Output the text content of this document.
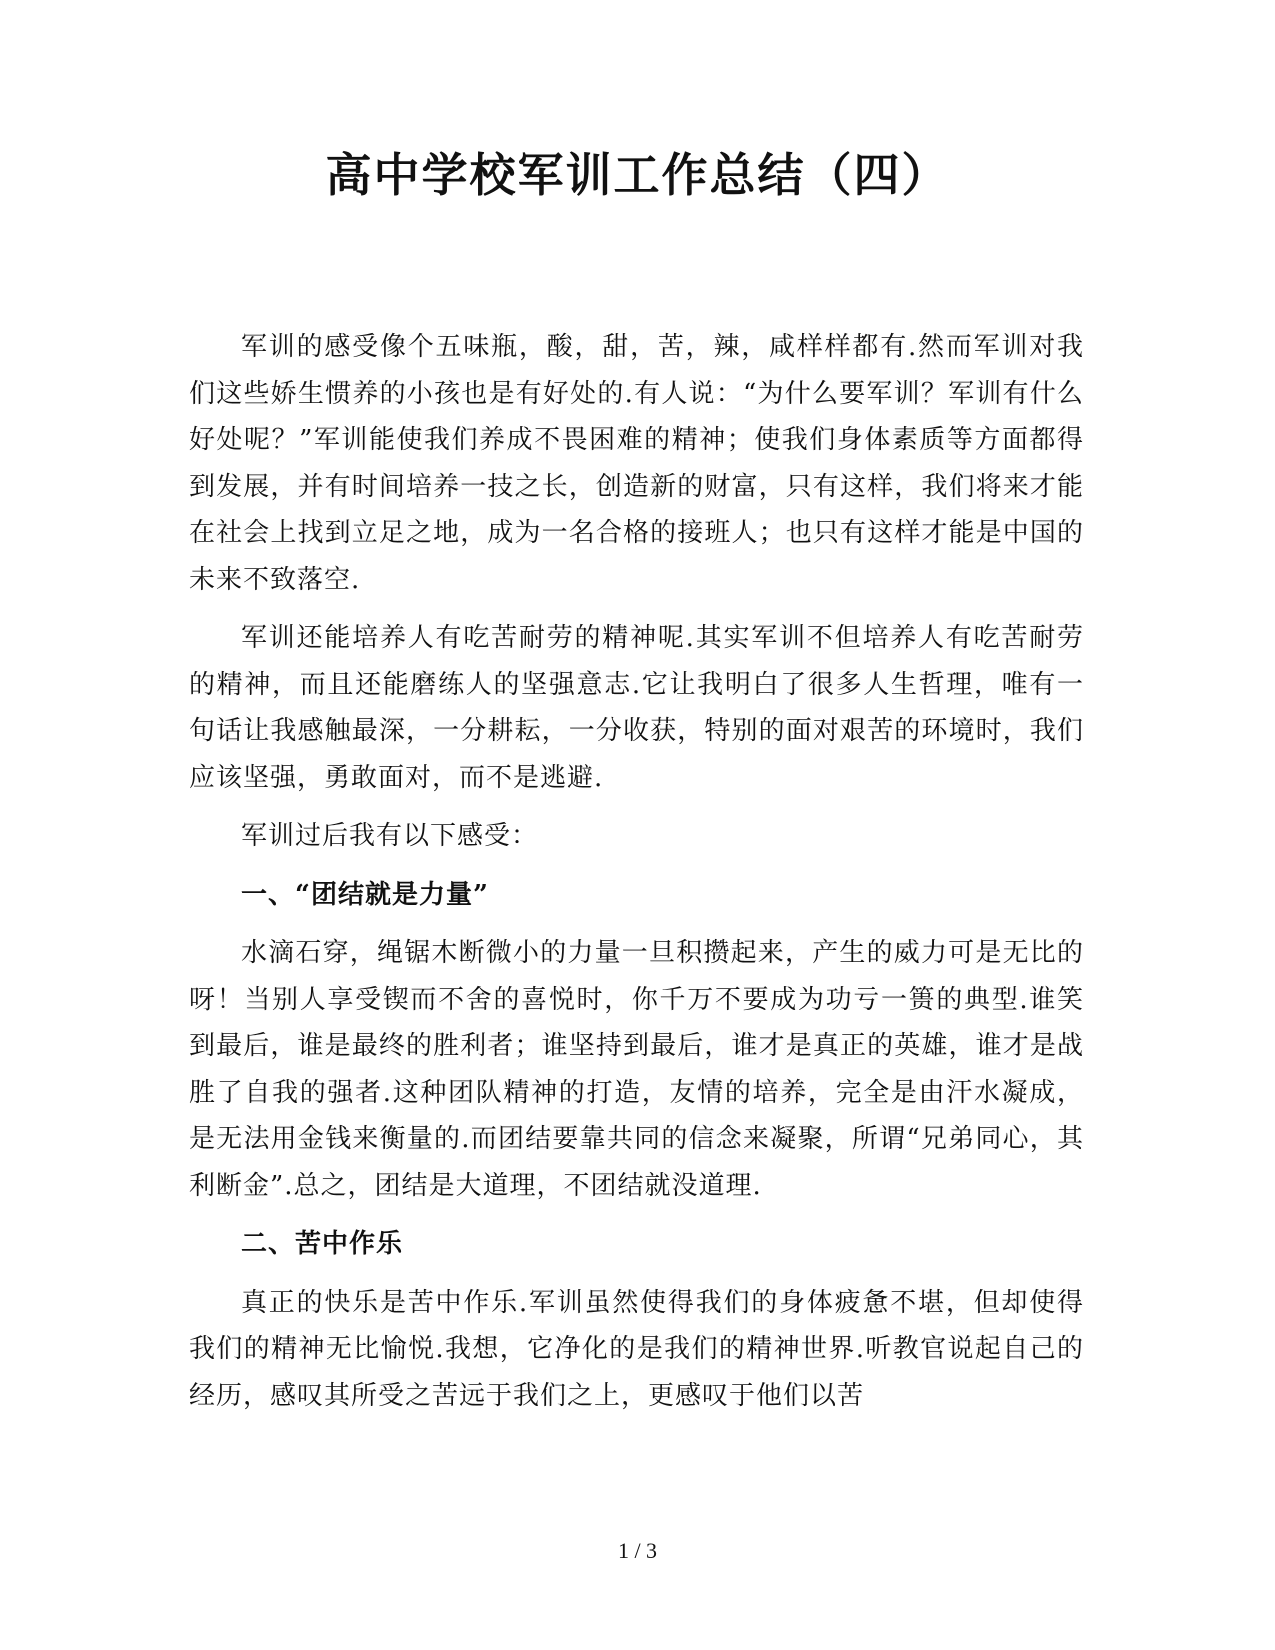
高中学校军训工作总结（四）

军训的感受像个五味瓶，酸，甜，苦，辣，咸样样都有.然而军训对我们这些娇生惯养的小孩也是有好处的.有人说：“为什么要军训？军训有什么好处呢？”军训能使我们养成不畏困难的精神；使我们身体素质等方面都得到发展，并有时间培养一技之长，创造新的财富，只有这样，我们将来才能在社会上找到立足之地，成为一名合格的接班人；也只有这样才能是中国的未来不致落空.

军训还能培养人有吃苦耐劳的精神呢.其实军训不但培养人有吃苦耐劳的精神，而且还能磨练人的坚强意志.它让我明白了很多人生哲理，唯有一句话让我感触最深，一分耕耘，一分收获，特别的面对艰苦的环境时，我们应该坚强，勇敢面对，而不是逃避.

军训过后我有以下感受：

一、“团结就是力量”

水滴石穿，绳锯木断微小的力量一旦积攒起来，产生的威力可是无比的呀！当别人享受锲而不舍的喜悦时，你千万不要成为功亏一篑的典型.谁笑到最后，谁是最终的胜利者；谁坚持到最后，谁才是真正的英雄，谁才是战胜了自我的强者.这种团队精神的打造，友情的培养，完全是由汗水凝成，是无法用金钱来衡量的.而团结要靠共同的信念来凝聚，所谓“兄弟同心，其利断金”.总之，团结是大道理，不团结就没道理.

二、苦中作乐

真正的快乐是苦中作乐.军训虽然使得我们的身体疲惫不堪，但却使得我们的精神无比愉悦.我想，它净化的是我们的精神世界.听教官说起自己的经历，感叹其所受之苦远于我们之上，更感叹于他们以苦

1 / 3
